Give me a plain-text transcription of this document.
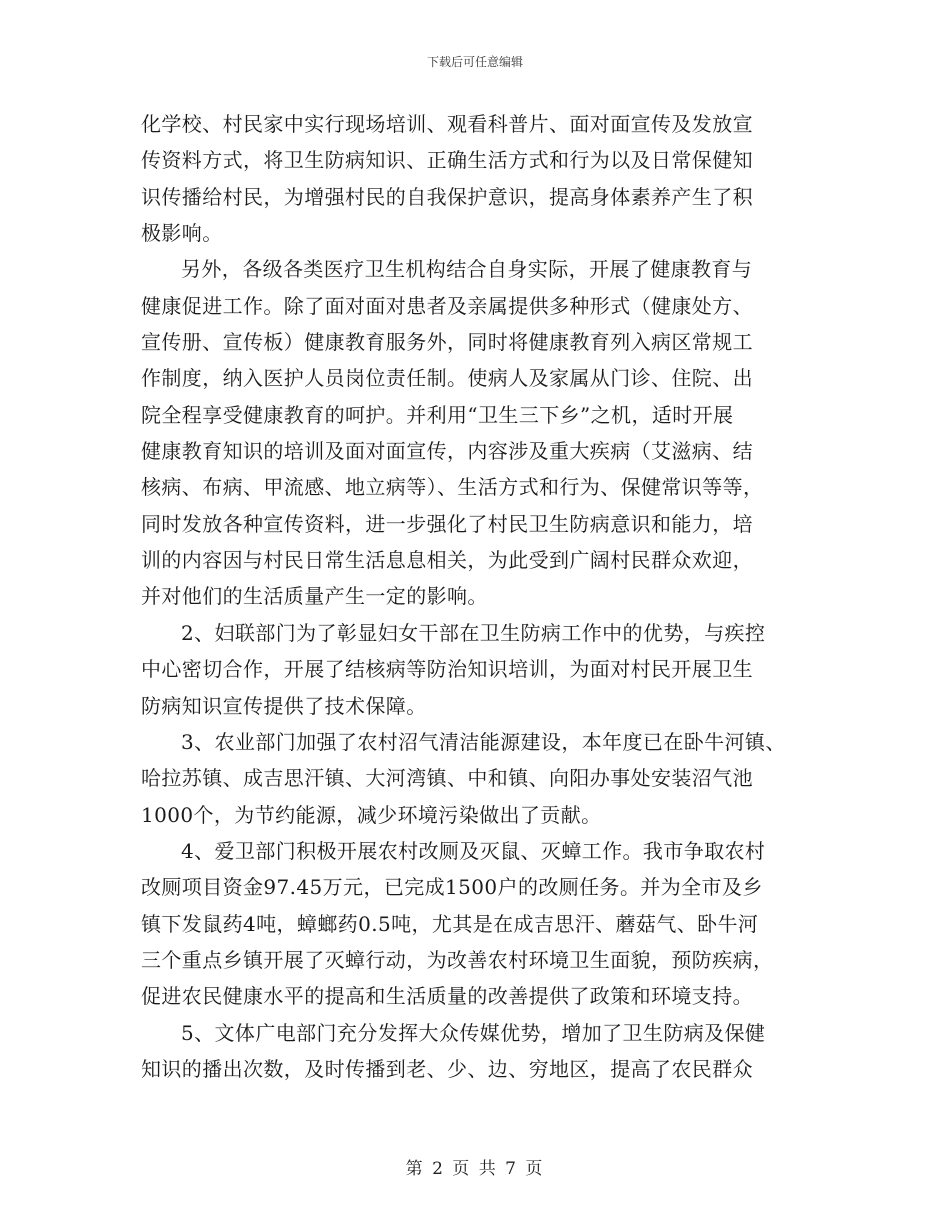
下载后可任意编辑
化学校、村民家中实行现场培训、观看科普片、面对面宣传及发放宣
传资料方式，将卫生防病知识、正确生活方式和行为以及日常保健知
识传播给村民，为增强村民的自我保护意识，提高身体素养产生了积
极影响。
另外，各级各类医疗卫生机构结合自身实际，开展了健康教育与
健康促进工作。除了面对面对患者及亲属提供多种形式（健康处方、
宣传册、宣传板）健康教育服务外，同时将健康教育列入病区常规工
作制度，纳入医护人员岗位责任制。使病人及家属从门诊、住院、出
院全程享受健康教育的呵护。并利用“卫生三下乡”之机，适时开展
健康教育知识的培训及面对面宣传，内容涉及重大疾病（艾滋病、结
核病、布病、甲流感、地立病等）、生活方式和行为、保健常识等等，
同时发放各种宣传资料，进一步强化了村民卫生防病意识和能力，培
训的内容因与村民日常生活息息相关，为此受到广阔村民群众欢迎，
并对他们的生活质量产生一定的影响。
2、妇联部门为了彰显妇女干部在卫生防病工作中的优势，与疾控
中心密切合作，开展了结核病等防治知识培训，为面对村民开展卫生
防病知识宣传提供了技术保障。
3、农业部门加强了农村沼气清洁能源建设，本年度已在卧牛河镇、
哈拉苏镇、成吉思汗镇、大河湾镇、中和镇、向阳办事处安装沼气池
1000个，为节约能源，减少环境污染做出了贡献。
4、爱卫部门积极开展农村改厕及灭鼠、灭蟑工作。我市争取农村
改厕项目资金97.45万元，已完成1500户的改厕任务。并为全市及乡
镇下发鼠药4吨，蟑螂药0.5吨，尤其是在成吉思汗、蘑菇气、卧牛河
三个重点乡镇开展了灭蟑行动，为改善农村环境卫生面貌，预防疾病，
促进农民健康水平的提高和生活质量的改善提供了政策和环境支持。
5、文体广电部门充分发挥大众传媒优势，增加了卫生防病及保健
知识的播出次数，及时传播到老、少、边、穷地区，提高了农民群众
第 2 页 共 7 页
